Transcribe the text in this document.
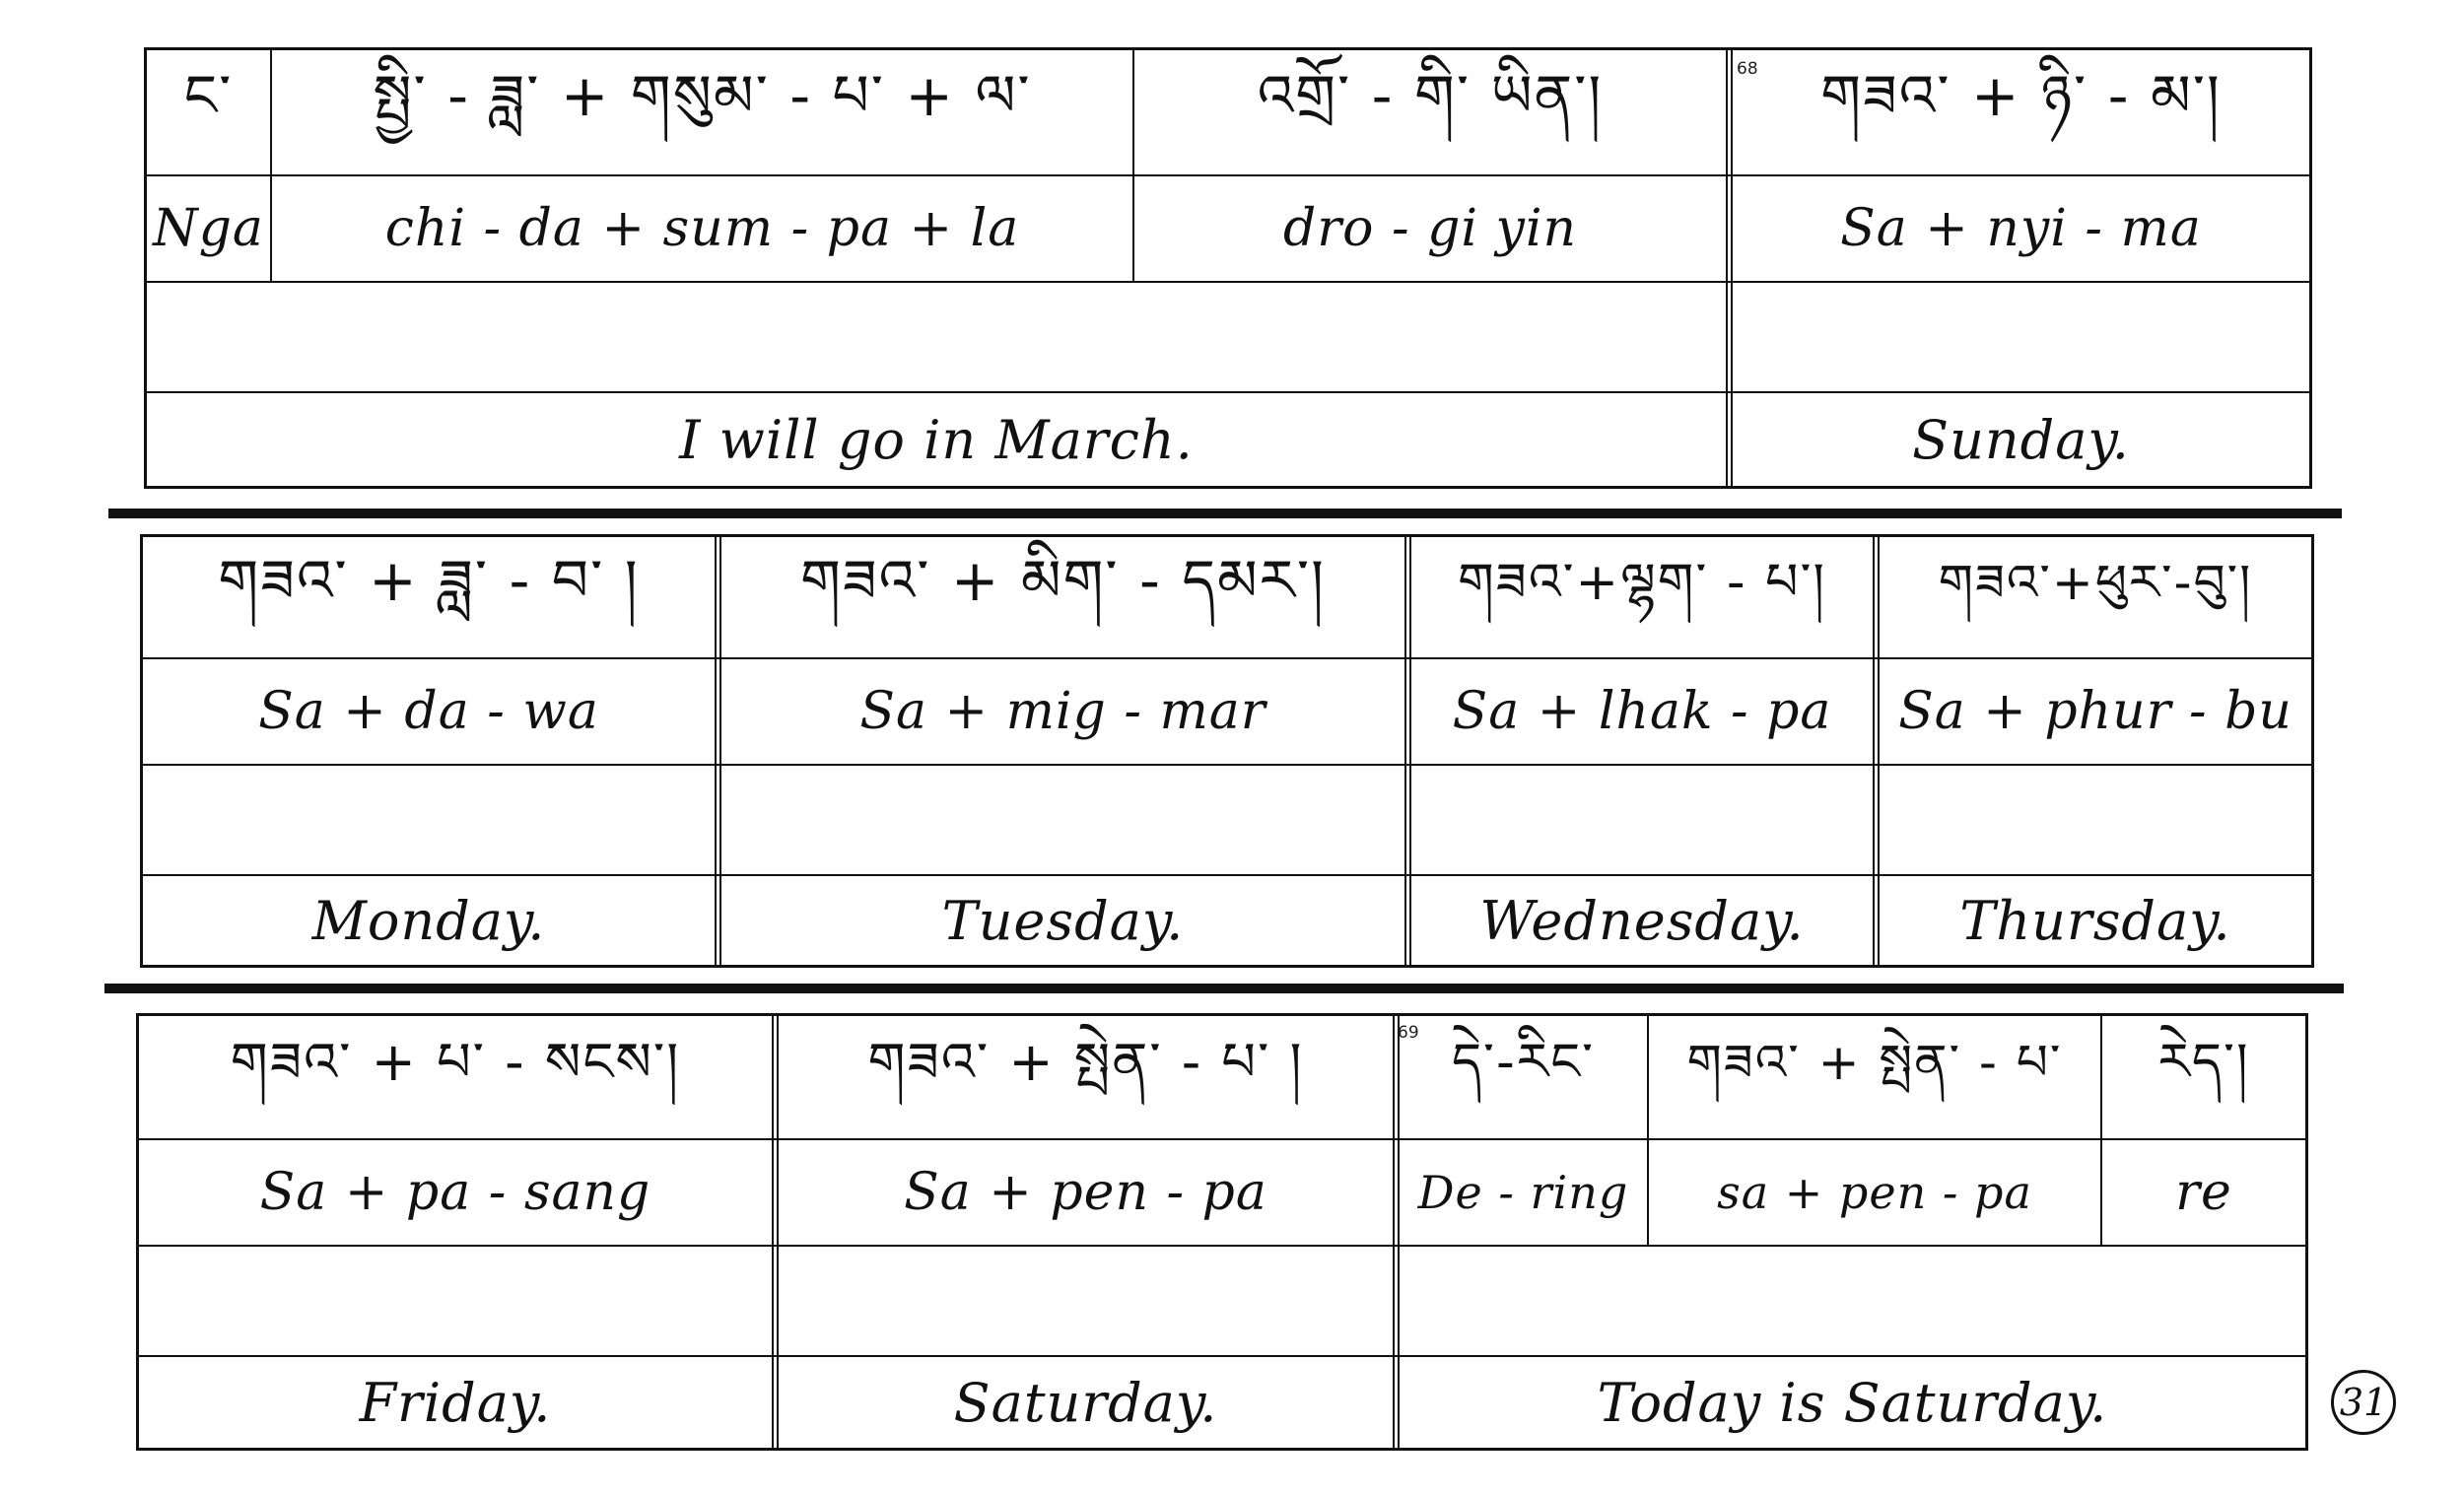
ང་	སྤྱི་ - ཟླ་ + གསུམ་ - པ་ + ལ་	འགྲོ་ - གི་ ཡིན་།	གཟའ་ + ཉི་ - མ་།
Nga	chi - da + sum - pa + la	dro - gi yin	Sa + nyi - ma
I will go in March.	Sunday.
68
གཟའ་ + ཟླ་ - བ་ །	གཟའ་ + མིག་ - དམར་།	གཟའ་+ལྷག་ - པ་།	གཟའ་+ཕུར་-བུ་།
Sa + da - wa	Sa + mig - mar	Sa + lhak - pa	Sa + phur - bu
Monday.	Tuesday.	Wednesday.	Thursday.
གཟའ་ + པ་ - སངས་།	གཟའ་ + སྤེན་ - པ་ །	དེ་-རིང་	གཟའ་ + སྤེན་ - པ་	རེད་།
Sa + pa - sang	Sa + pen - pa	De - ring	sa + pen - pa	re
Friday.	Saturday.	Today is Saturday.
69
31
